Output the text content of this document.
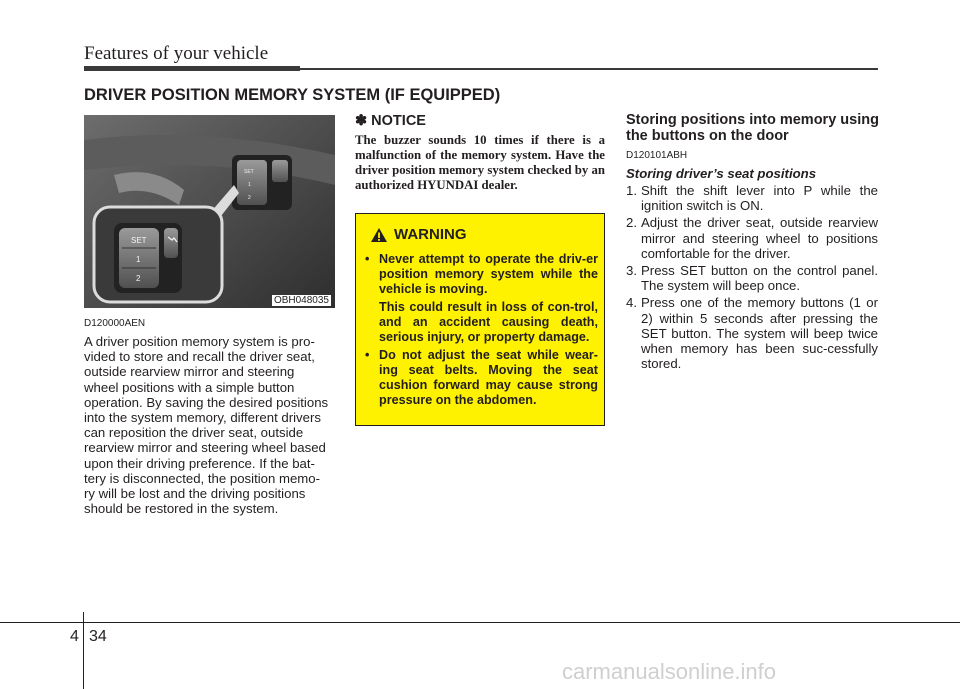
Features of your vehicle
DRIVER POSITION MEMORY SYSTEM (IF EQUIPPED)
SET
1
2
SET
1
2
OBH048035
D120000AEN
A driver position memory system is pro-
vided to store and recall the driver seat,
outside rearview mirror and steering
wheel positions with a simple button
operation. By saving the desired positions
into the system memory, different drivers
can reposition the driver seat, outside
rearview mirror and steering wheel based
upon their driving preference. If the bat-
tery is disconnected, the position memo-
ry will be lost and the driving positions
should be restored in the system.
✽ NOTICE
The buzzer sounds 10 times if there is a malfunction of the memory system. Have the driver position memory system checked by an authorized HYUNDAI dealer.
WARNING
• Never attempt to operate the driv-er position memory system while the vehicle is moving.

This could result in loss of con-trol, and an accident causing death, serious injury, or property damage.

• Do not adjust the seat while wear-ing seat belts. Moving the seat cushion forward may cause strong pressure on the abdomen.

Storing positions into memory using the buttons on the door
D120101ABH
Storing driver’s seat positions
1. Shift the shift lever into P while the ignition switch is ON.
2. Adjust the driver seat, outside rearview mirror and steering wheel to positions comfortable for the driver.
3. Press SET button on the control panel. The system will beep once.
4. Press one of the memory buttons (1 or 2) within 5 seconds after pressing the SET button. The system will beep twice when memory has been suc-cessfully stored.
4 34
carmanualsonline.info
